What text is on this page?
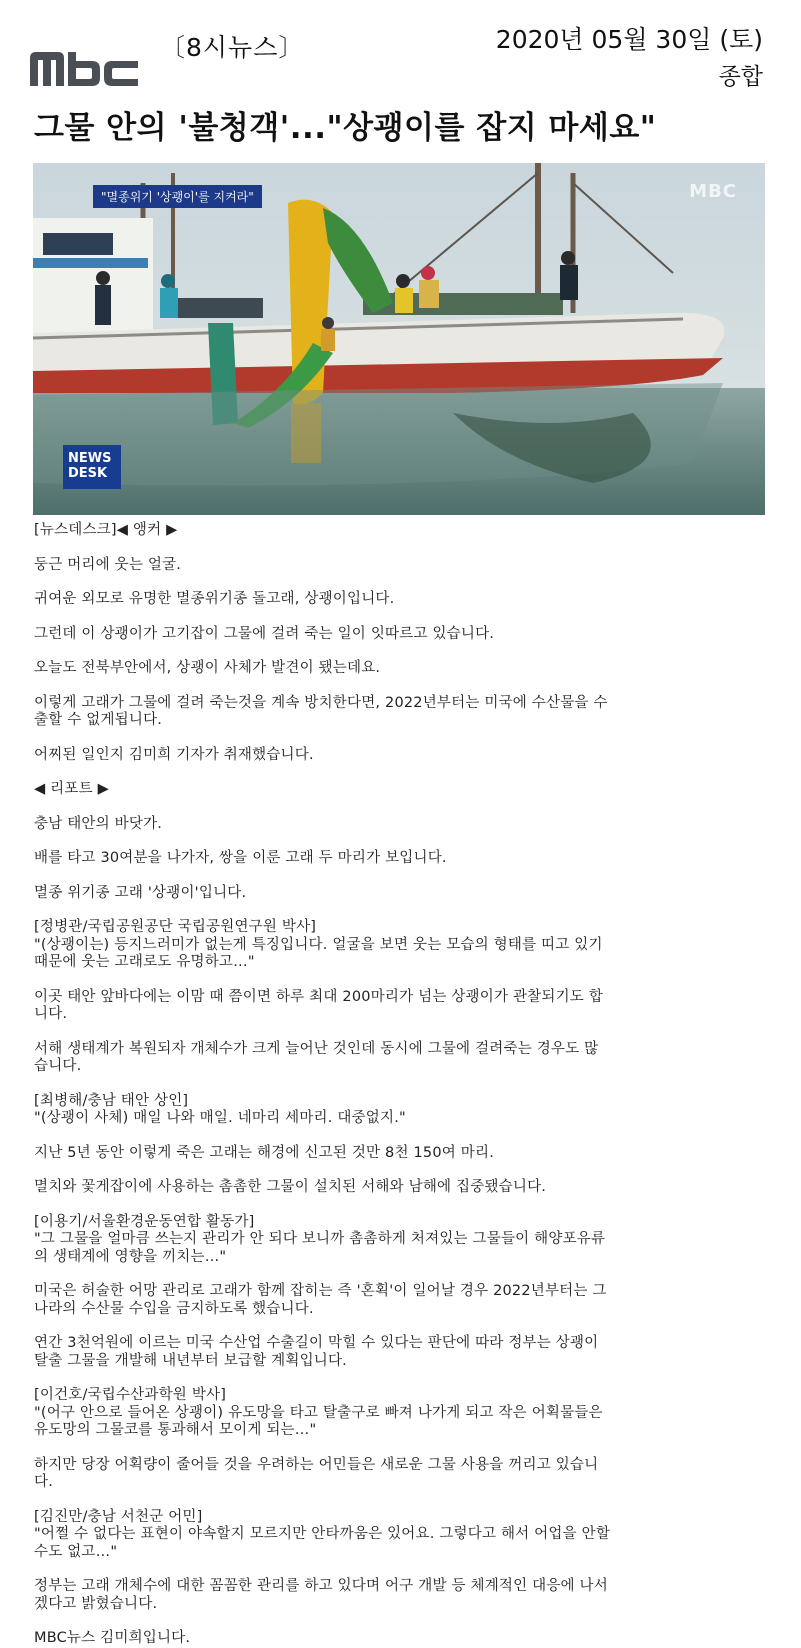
〔8시뉴스〕	2020년 05월 30일 (토)
종합
그물 안의 '불청객'..."상괭이를 잡지 마세요"
"멸종위기 '상괭이'를 지켜라"	MBC
NEWS DESK
[뉴스데스크]◀ 앵커 ▶
둥근 머리에 웃는 얼굴.
귀여운 외모로 유명한 멸종위기종 돌고래, 상괭이입니다.
그런데 이 상괭이가 고기잡이 그물에 걸려 죽는 일이 잇따르고 있습니다.
오늘도 전북부안에서, 상괭이 사체가 발견이 됐는데요.
이렇게 고래가 그물에 걸려 죽는것을 계속 방치한다면, 2022년부터는 미국에 수산물을 수
출할 수 없게됩니다.
어찌된 일인지 김미희 기자가 취재했습니다.
◀ 리포트 ▶
충남 태안의 바닷가.
배를 타고 30여분을 나가자, 쌍을 이룬 고래 두 마리가 보입니다.
멸종 위기종 고래 '상괭이'입니다.
[정병관/국립공원공단 국립공원연구원 박사]
"(상괭이는) 등지느러미가 없는게 특징입니다. 얼굴을 보면 웃는 모습의 형태를 띠고 있기
때문에 웃는 고래로도 유명하고…"
이곳 태안 앞바다에는 이맘 때 쯤이면 하루 최대 200마리가 넘는 상괭이가 관찰되기도 합
니다.
서해 생태계가 복원되자 개체수가 크게 늘어난 것인데 동시에 그물에 걸려죽는 경우도 많
습니다.
[최병해/충남 태안 상인]
"(상괭이 사체) 매일 나와 매일. 네마리 세마리. 대중없지."
지난 5년 동안 이렇게 죽은 고래는 해경에 신고된 것만 8천 150여 마리.
멸치와 꽃게잡이에 사용하는 촘촘한 그물이 설치된 서해와 남해에 집중됐습니다.
[이용기/서울환경운동연합 활동가]
"그 그물을 얼마큼 쓰는지 관리가 안 되다 보니까 촘촘하게 처져있는 그물들이 해양포유류
의 생태계에 영향을 끼치는…"
미국은 허술한 어망 관리로 고래가 함께 잡히는 즉 '혼획'이 일어날 경우 2022년부터는 그
나라의 수산물 수입을 금지하도록 했습니다.
연간 3천억원에 이르는 미국 수산업 수출길이 막힐 수 있다는 판단에 따라 정부는 상괭이
탈출 그물을 개발해 내년부터 보급할 계획입니다.
[이건호/국립수산과학원 박사]
"(어구 안으로 들어온 상괭이) 유도망을 타고 탈출구로 빠져 나가게 되고 작은 어획물들은
유도망의 그물코를 통과해서 모이게 되는…"
하지만 당장 어획량이 줄어들 것을 우려하는 어민들은 새로운 그물 사용을 꺼리고 있습니
다.
[김진만/충남 서천군 어민]
"어쩔 수 없다는 표현이 야속할지 모르지만 안타까움은 있어요. 그렇다고 해서 어업을 안할
수도 없고…"
정부는 고래 개체수에 대한 꼼꼼한 관리를 하고 있다며 어구 개발 등 체계적인 대응에 나서
겠다고 밝혔습니다.
MBC뉴스 김미희입니다.
